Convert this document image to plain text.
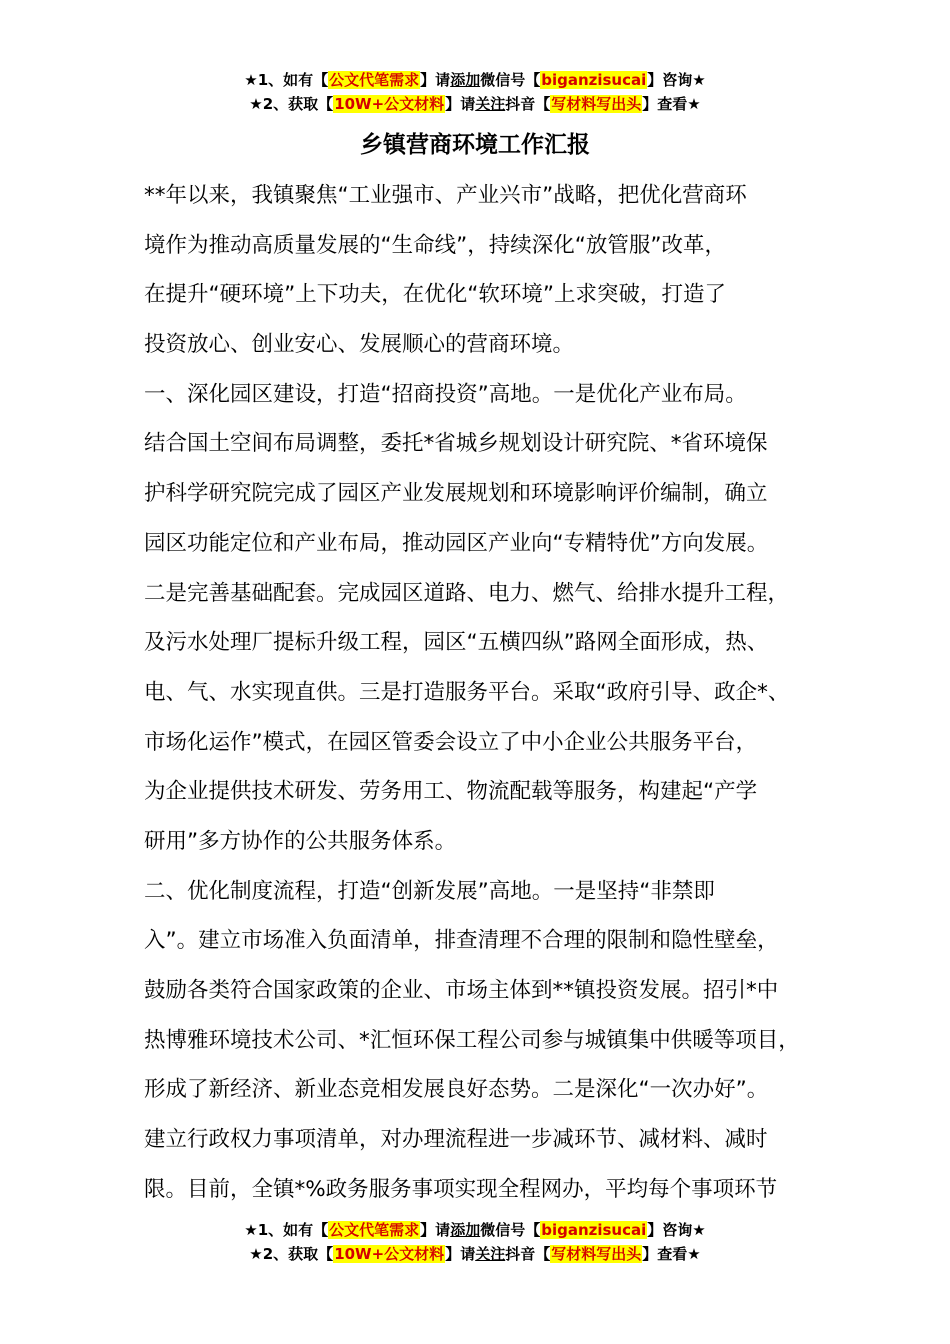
★1、如有【公文代笔需求】请添加微信号【biganzisucai】咨询★
★2、获取【10W+公文材料】请关注抖音【写材料写出头】查看★
乡镇营商环境工作汇报
**年以来，我镇聚焦“工业强市、产业兴市”战略，把优化营商环
境作为推动高质量发展的“生命线”，持续深化“放管服”改革，
在提升“硬环境”上下功夫，在优化“软环境”上求突破，打造了
投资放心、创业安心、发展顺心的营商环境。
一、深化园区建设，打造“招商投资”高地。一是优化产业布局。
结合国土空间布局调整，委托*省城乡规划设计研究院、*省环境保
护科学研究院完成了园区产业发展规划和环境影响评价编制，确立
园区功能定位和产业布局，推动园区产业向“专精特优”方向发展。
二是完善基础配套。完成园区道路、电力、燃气、给排水提升工程，
及污水处理厂提标升级工程，园区“五横四纵”路网全面形成，热、
电、气、水实现直供。三是打造服务平台。采取“政府引导、政企*、
市场化运作”模式，在园区管委会设立了中小企业公共服务平台，
为企业提供技术研发、劳务用工、物流配载等服务，构建起“产学
研用”多方协作的公共服务体系。
二、优化制度流程，打造“创新发展”高地。一是坚持“非禁即
入”。建立市场准入负面清单，排查清理不合理的限制和隐性壁垒，
鼓励各类符合国家政策的企业、市场主体到**镇投资发展。招引*中
热博雅环境技术公司、*汇恒环保工程公司参与城镇集中供暖等项目，
形成了新经济、新业态竞相发展良好态势。二是深化“一次办好”。
建立行政权力事项清单，对办理流程进一步减环节、减材料、减时
限。目前，全镇*%政务服务事项实现全程网办，平均每个事项环节
★1、如有【公文代笔需求】请添加微信号【biganzisucai】咨询★
★2、获取【10W+公文材料】请关注抖音【写材料写出头】查看★
